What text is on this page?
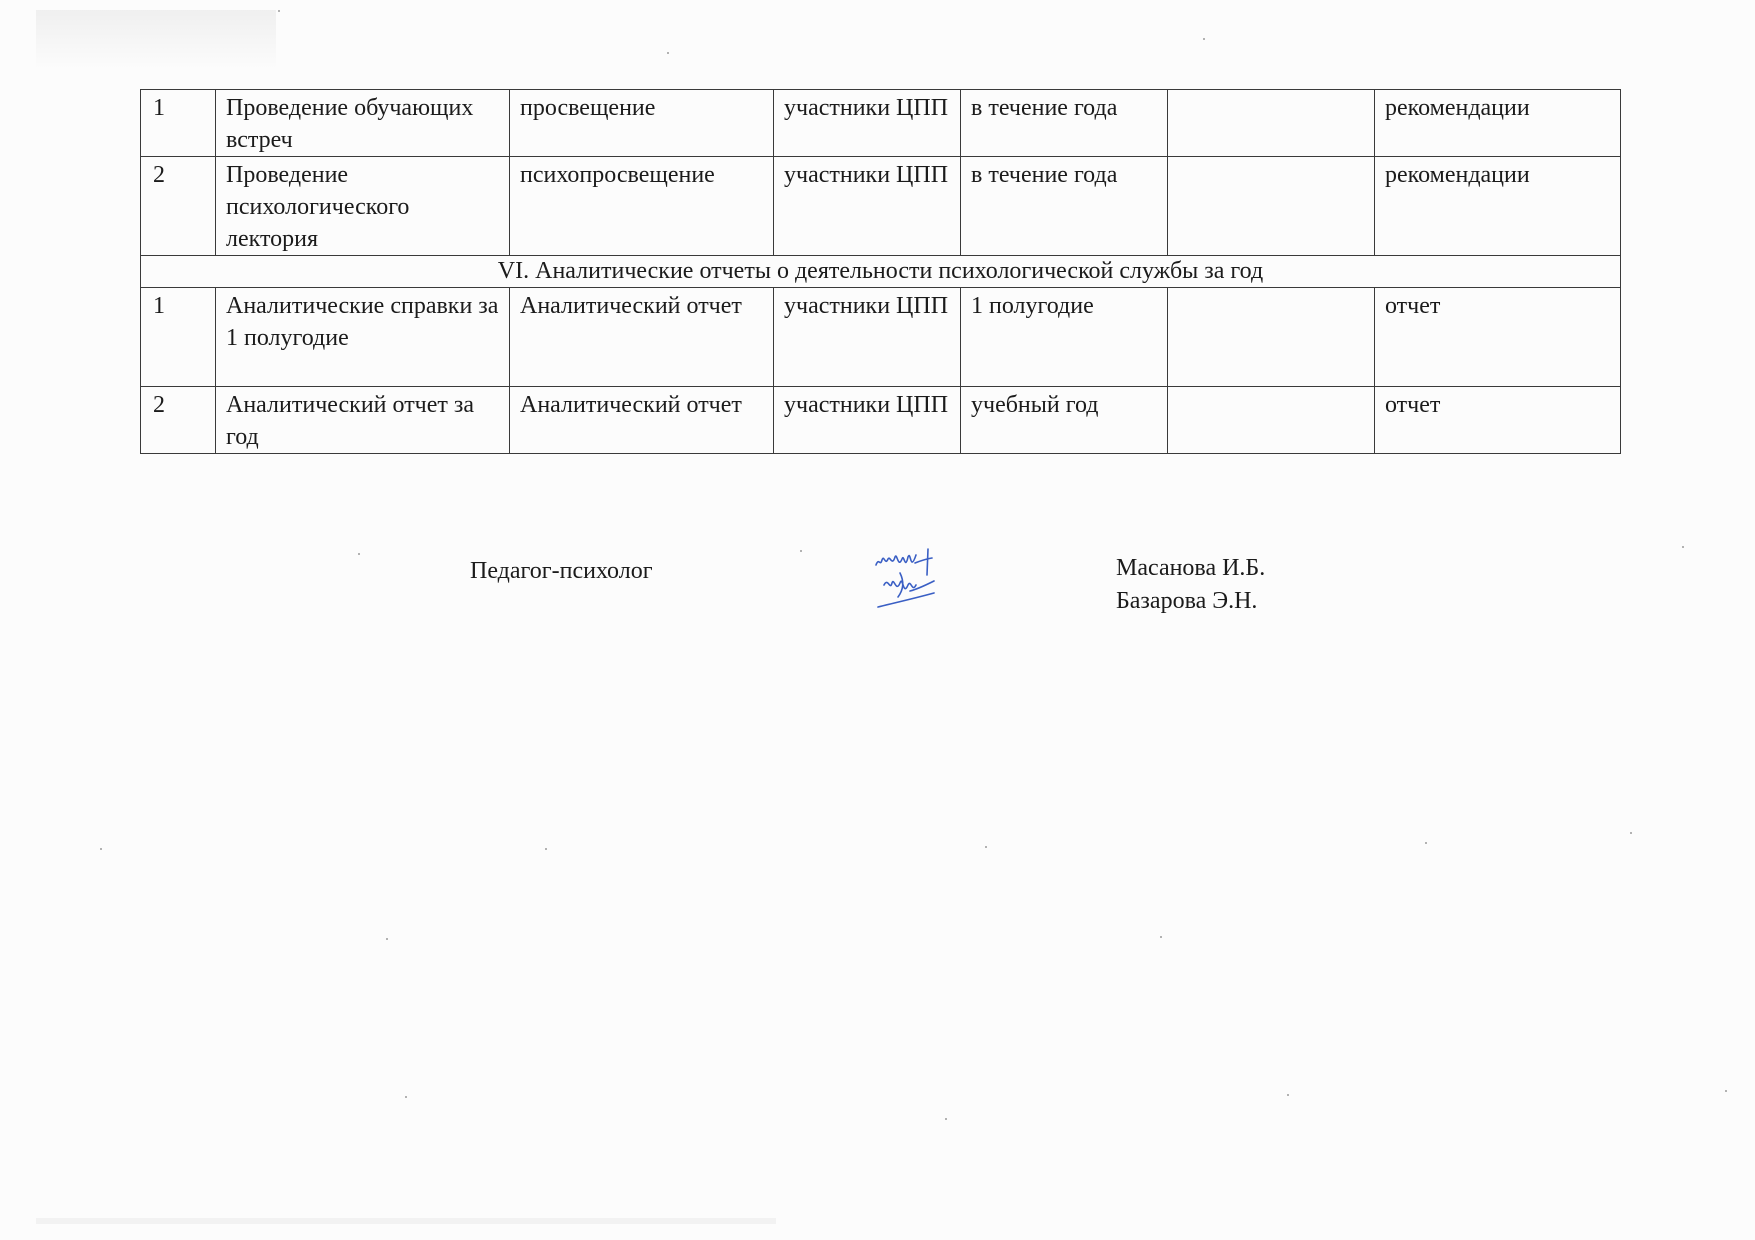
1	Проведение обучающих встреч	просвещение	участники ЦПП	в течение года		рекомендации
2	Проведение психологического лектория	психопросвещение	участники ЦПП	в течение года		рекомендации
VI. Аналитические отчеты о деятельности психологической службы за год						
1	Аналитические справки за 1 полугодие	Аналитический отчет	участники ЦПП	1 полугодие		отчет
2	Аналитический отчет за год	Аналитический отчет	участники ЦПП	учебный год		отчет
Педагог-психолог	Масанова И.Б.
Базарова Э.Н.
